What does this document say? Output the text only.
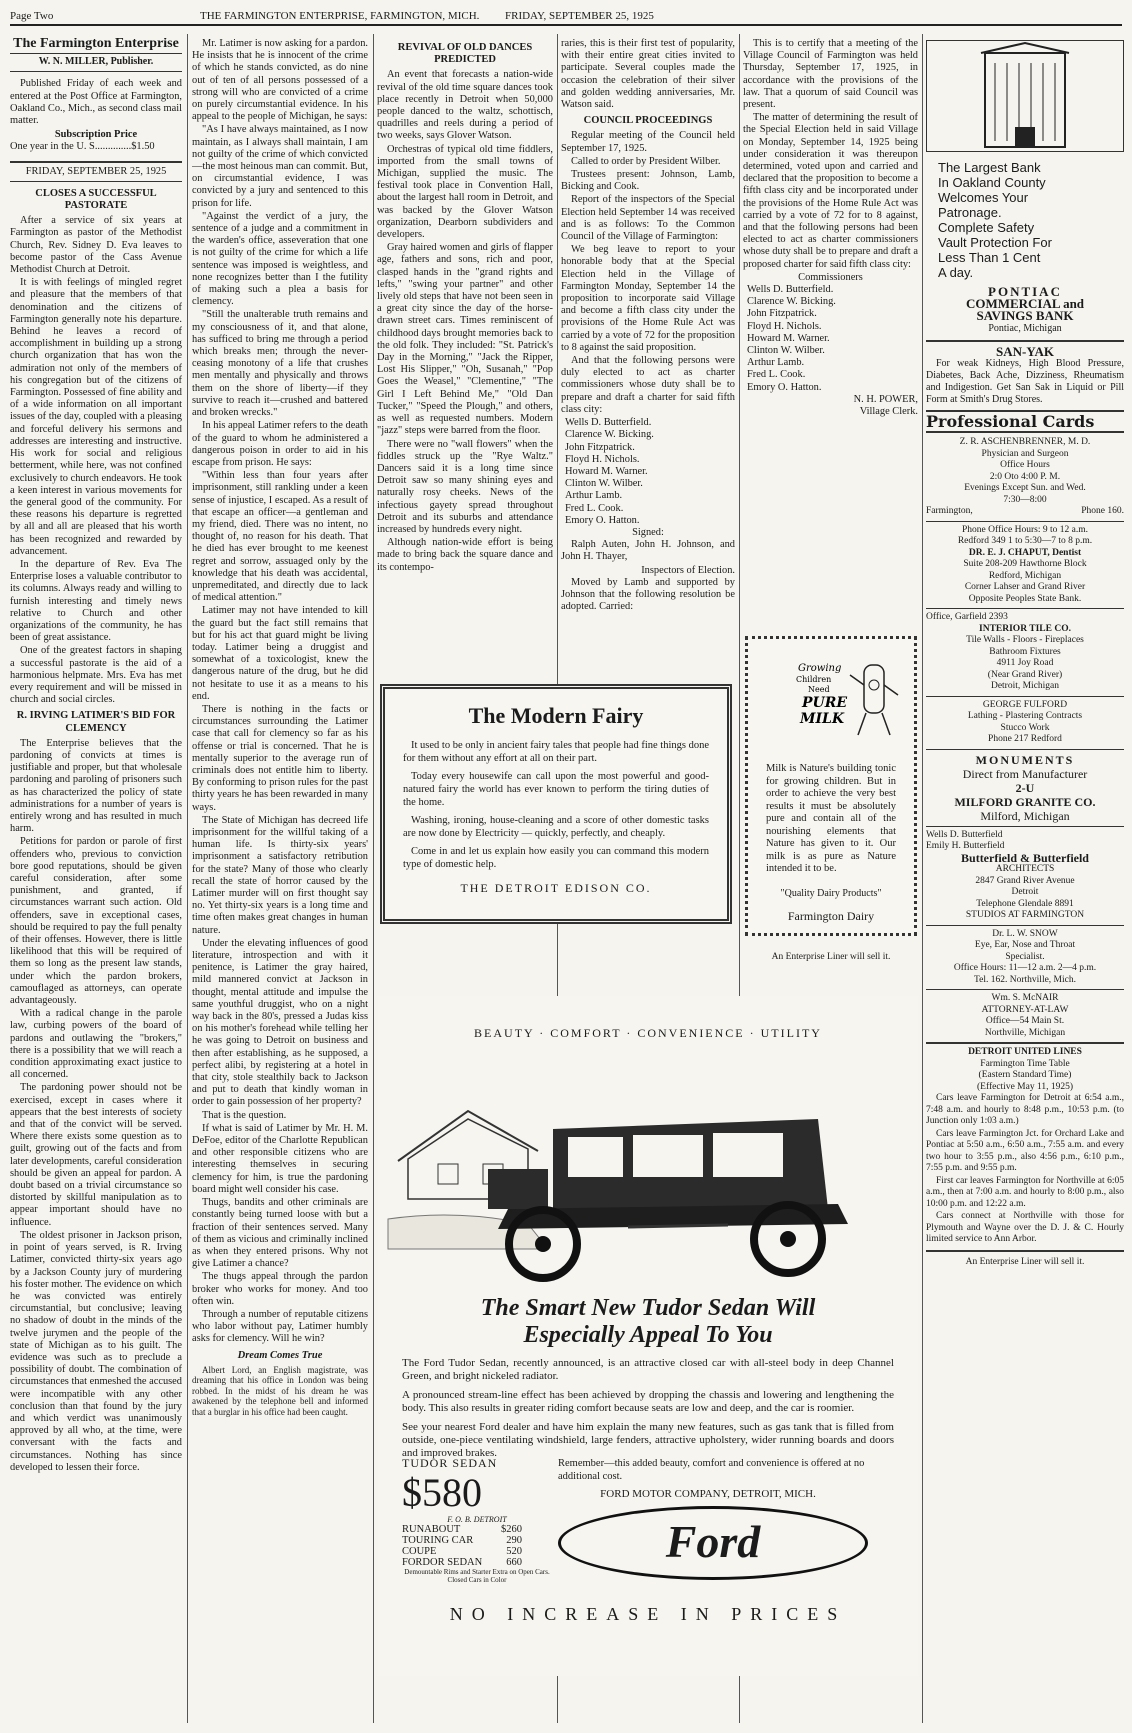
Page Two	THE FARMINGTON ENTERPRISE, FARMINGTON, MICH. FRIDAY, SEPTEMBER 25, 1925
The Farmington Enterprise
W. N. MILLER, Publisher.

Published Friday of each week and entered at the Post Office at Farmington, Oakland Co., Mich., as second class mail matter.

Subscription Price
One year in the U. S..............$1.50
FRIDAY, SEPTEMBER 25, 1925
CLOSES A SUCCESSFUL PASTORATE

After a service of six years at Farmington as pastor of the Methodist Church, Rev. Sidney D. Eva leaves to become pastor of the Cass Avenue Methodist Church at Detroit.

It is with feelings of mingled regret and pleasure that the members of that denomination and the citizens of Farmington generally note his departure. Behind he leaves a record of accomplishment in building up a strong church organization that has won the admiration not only of the members of his congregation but of the citizens of Farmington. Possessed of fine ability and of a wide information on all important issues of the day, coupled with a pleasing and forceful delivery his sermons and addresses are interesting and instructive. His work for social and religious betterment, while here, was not confined exclusively to church endeavors. He took a keen interest in various movements for the general good of the community. For these reasons his departure is regretted by all and all are pleased that his worth has been recognized and rewarded by advancement.

In the departure of Rev. Eva The Enterprise loses a valuable contributor to its columns. Always ready and willing to furnish interesting and timely news relative to Church and other organizations of the community, he has been of great assistance.

One of the greatest factors in shaping a successful pastorate is the aid of a harmonious helpmate. Mrs. Eva has met every requirement and will be missed in church and social circles.

R. IRVING LATIMER'S BID FOR CLEMENCY

The Enterprise believes that the pardoning of convicts at times is justifiable and proper, but that wholesale pardoning and paroling of prisoners such as has characterized the policy of state administrations for a number of years is entirely wrong and has resulted in much harm.

Petitions for pardon or parole of first offenders who, previous to conviction bore good reputations, should be given careful consideration, after some punishment, and granted, if circumstances warrant such action. Old offenders, save in exceptional cases, should be required to pay the full penalty of their offenses. However, there is little likelihood that this will be required of them so long as the present law stands, under which the pardon brokers, camouflaged as attorneys, can operate advantageously.

With a radical change in the parole law, curbing powers of the board of pardons and outlawing the "brokers," there is a possibility that we will reach a condition approximating exact justice to all concerned.

The pardoning power should not be exercised, except in cases where it appears that the best interests of society and that of the convict will be served. Where there exists some question as to guilt, growing out of the facts and from later developments, careful consideration should be given an appeal for pardon. A doubt based on a trivial circumstance so distorted by skillful manipulation as to appear important should have no influence.

The oldest prisoner in Jackson prison, in point of years served, is R. Irving Latimer, convicted thirty-six years ago by a Jackson County jury of murdering his foster mother. The evidence on which he was convicted was entirely circumstantial, but conclusive; leaving no shadow of doubt in the minds of the twelve jurymen and the people of the state of Michigan as to his guilt. The evidence was such as to preclude a possibility of doubt. The combination of circumstances that enmeshed the accused were incompatible with any other conclusion than that found by the jury and which verdict was unanimously approved by all who, at the time, were conversant with the facts and circumstances. Nothing has since developed to lessen their force.

Mr. Latimer is now asking for a pardon. He insists that he is innocent of the crime of which he stands convicted, as do nine out of ten of all persons possessed of a strong will who are convicted of a crime on purely circumstantial evidence. In his appeal to the people of Michigan, he says:

"As I have always maintained, as I now maintain, as I always shall maintain, I am not guilty of the crime of which convicted—the most heinous man can commit. But, on circumstantial evidence, I was convicted by a jury and sentenced to this prison for life.

"Against the verdict of a jury, the sentence of a judge and a commitment in the warden's office, asseveration that one is not guilty of the crime for which a life sentence was imposed is weightless, and none recognizes better than I the futility of making such a plea a basis for clemency.

"Still the unalterable truth remains and my consciousness of it, and that alone, has sufficed to bring me through a period which breaks men; through the never-ceasing monotony of a life that crushes men mentally and physically and throws them on the shore of liberty—if they survive to reach it—crushed and battered and broken wrecks."

In his appeal Latimer refers to the death of the guard to whom he administered a dangerous poison in order to aid in his escape from prison. He says:

"Within less than four years after imprisonment, still rankling under a keen sense of injustice, I escaped. As a result of that escape an officer—a gentleman and my friend, died. There was no intent, no thought of, no reason for his death. That he died has ever brought to me keenest regret and sorrow, assuaged only by the knowledge that his death was accidental, unpremeditated, and directly due to lack of medical attention."

Latimer may not have intended to kill the guard but the fact still remains that but for his act that guard might be living today. Latimer being a druggist and somewhat of a toxicologist, knew the dangerous nature of the drug, but he did not hesitate to use it as a means to his end.

There is nothing in the facts or circumstances surrounding the Latimer case that call for clemency so far as his offense or trial is concerned. That he is mentally superior to the average run of criminals does not entitle him to liberty. By conforming to prison rules for the past thirty years he has been rewarded in many ways.

The State of Michigan has decreed life imprisonment for the willful taking of a human life. Is thirty-six years' imprisonment a satisfactory retribution for the state? Many of those who clearly recall the state of horror caused by the Latimer murder will on first thought say no. Yet thirty-six years is a long time and time often makes great changes in human nature.

Under the elevating influences of good literature, introspection and with it penitence, is Latimer the gray haired, mild mannered convict at Jackson in thought, mental attitude and impulse the same youthful druggist, who on a night way back in the 80's, pressed a Judas kiss on his mother's forehead while telling her he was going to Detroit on business and then after establishing, as he supposed, a perfect alibi, by registering at a hotel in that city, stole stealthily back to Jackson and put to death that kindly woman in order to gain possession of her property?

That is the question.

If what is said of Latimer by Mr. H. M. DeFoe, editor of the Charlotte Republican and other responsible citizens who are interesting themselves in securing clemency for him, is true the pardoning board might well consider his case.

Thugs, bandits and other criminals are constantly being turned loose with but a fraction of their sentences served. Many of them as vicious and criminally inclined as when they entered prisons. Why not give Latimer a chance?

The thugs appeal through the pardon broker who works for money. And too often win.

Through a number of reputable citizens who labor without pay, Latimer humbly asks for clemency. Will he win?

Dream Comes True

Albert Lord, an English magistrate, was dreaming that his office in London was being robbed. In the midst of his dream he was awakened by the telephone bell and informed that a burglar in his office had been caught.

REVIVAL OF OLD DANCES PREDICTED

An event that forecasts a nation-wide revival of the old time square dances took place recently in Detroit when 50,000 people danced to the waltz, schottisch, quadrilles and reels during a period of two weeks, says Glover Watson.

Orchestras of typical old time fiddlers, imported from the small towns of Michigan, supplied the music. The festival took place in Convention Hall, about the largest hall room in Detroit, and was backed by the Glover Watson organization, Dearborn subdividers and developers.

Gray haired women and girls of flapper age, fathers and sons, rich and poor, clasped hands in the "grand rights and lefts," "swing your partner" and other lively old steps that have not been seen in a great city since the day of the horse-drawn street cars. Times reminiscent of childhood days brought memories back to the old folk. They included: "St. Patrick's Day in the Morning," "Jack the Ripper, Lost His Slipper," "Oh, Susanah," "Pop Goes the Weasel," "Clementine," "The Girl I Left Behind Me," "Old Dan Tucker," "Speed the Plough," and others, as well as requested numbers. Modern "jazz" steps were barred from the floor.

There were no "wall flowers" when the fiddles struck up the "Rye Waltz." Dancers said it is a long time since Detroit saw so many shining eyes and naturally rosy cheeks. News of the infectious gayety spread throughout Detroit and its suburbs and attendance increased by hundreds every night.

Although nation-wide effort is being made to bring back the square dance and its contempo-

raries, this is their first test of popularity, with their entire great cities invited to participate. Several couples made the occasion the celebration of their silver and golden wedding anniversaries, Mr. Watson said.

COUNCIL PROCEEDINGS

Regular meeting of the Council held September 17, 1925.

Called to order by President Wilber.

Trustees present: Johnson, Lamb, Bicking and Cook.

Report of the inspectors of the Special Election held September 14 was received and is as follows: To the Common Council of the Village of Farmington:

We beg leave to report to your honorable body that at the Special Election held in the Village of Farmington Monday, September 14 the proposition to incorporate said Village and become a fifth class city under the provisions of the Home Rule Act was carried by a vote of 72 for the proposition to 8 against the said proposition.

And that the following persons were duly elected to act as charter commissioners whose duty shall be to prepare and draft a charter for said fifth class city:

Wells D. Butterfield.
Clarence W. Bicking.
John Fitzpatrick.
Floyd H. Nichols.
Howard M. Warner.
Clinton W. Wilber.
Arthur Lamb.
Fred L. Cook.
Emory O. Hatton.
Signed:

Ralph Auten, John H. Johnson, and John H. Thayer,

Inspectors of Election.

Moved by Lamb and supported by Johnson that the following resolution be adopted. Carried:

This is to certify that a meeting of the Village Council of Farmington was held Thursday, September 17, 1925, in accordance with the provisions of the law. That a quorum of said Council was present.

The matter of determining the result of the Special Election held in said Village on Monday, September 14, 1925 being under consideration it was thereupon determined, voted upon and carried and declared that the proposition to become a fifth class city and be incorporated under the provisions of the Home Rule Act was carried by a vote of 72 for to 8 against, and that the following persons had been elected to act as charter commissioners whose duty shall be to prepare and draft a proposed charter for said fifth class city:

Commissioners
Wells D. Butterfield.
Clarence W. Bicking.
John Fitzpatrick.
Floyd H. Nichols.
Howard M. Warner.
Clinton W. Wilber.
Arthur Lamb.
Fred L. Cook.
Emory O. Hatton.
N. H. POWER,
Village Clerk.
The Modern Fairy

It used to be only in ancient fairy tales that people had fine things done for them without any effort at all on their part.

Today every housewife can call upon the most powerful and good-natured fairy the world has ever known to perform the tiring duties of the home.

Washing, ironing, house-cleaning and a score of other domestic tasks are now done by Electricity — quickly, perfectly, and cheaply.

Come in and let us explain how easily you can command this modern type of domestic help.

THE DETROIT EDISON CO.
Growing
Children
Need
PURE
MILK

Milk is Nature's building tonic for growing children. But in order to achieve the very best results it must be absolutely pure and contain all of the nourishing elements that Nature has given to it. Our milk is as pure as Nature intended it to be.

"Quality Dairy Products"
Farmington Dairy
An Enterprise Liner will sell it.
BEAUTY · COMFORT · CONVENIENCE · UTILITY
The Smart New Tudor Sedan Will
Especially Appeal To You

The Ford Tudor Sedan, recently announced, is an attractive closed car with all-steel body in deep Channel Green, and bright nickeled radiator.

A pronounced stream-line effect has been achieved by dropping the chassis and lowering and lengthening the body. This also results in greater riding comfort because seats are low and deep, and the car is roomier.

See your nearest Ford dealer and have him explain the many new features, such as gas tank that is filled from outside, one-piece ventilating windshield, large fenders, attractive upholstery, wider running boards and doors and improved brakes.

TUDOR SEDAN
$580
F. O. B. DETROIT
RUNABOUT	$260
TOURING CAR	290
COUPE	520
FORDOR SEDAN	660
Demountable Rims and Starter Extra on Open Cars. Closed Cars in Color
Remember—this added beauty, comfort and convenience is offered at no additional cost.
FORD MOTOR COMPANY, DETROIT, MICH.
Ford
NO INCREASE IN PRICES
The Largest Bank
In Oakland County
Welcomes Your
Patronage.
Complete Safety
Vault Protection For
Less Than 1 Cent
A day.
PONTIAC
COMMERCIAL and
SAVINGS BANK
Pontiac, Michigan
SAN-YAK

For weak Kidneys, High Blood Pressure, Diabetes, Back Ache, Dizziness, Rheumatism and Indigestion. Get San Sak in Liquid or Pill Form at Smith's Drug Stores.

Professional Cards
Z. R. ASCHENBRENNER, M. D.
Physician and Surgeon
Office Hours
2:0 Oto 4:00 P. M.
Evenings Except Sun. and Wed.
7:30—8:00
Farmington,	Phone 160.
Phone Office Hours: 9 to 12 a.m.
Redford 349 1 to 5:30—7 to 8 p.m.
DR. E. J. CHAPUT, Dentist
Suite 208-209 Hawthorne Block
Redford, Michigan
Corner Lahser and Grand River
Opposite Peoples State Bank.
Office, Garfield 2393
INTERIOR TILE CO.
Tile Walls - Floors - Fireplaces
Bathroom Fixtures
4911 Joy Road
(Near Grand River)
Detroit, Michigan
GEORGE FULFORD
Lathing - Plastering Contracts
Stucco Work
Phone 217 Redford
MONUMENTS
Direct from Manufacturer
2-U
MILFORD GRANITE CO.
Milford, Michigan
Wells D. Butterfield
Emily H. Butterfield
Butterfield & Butterfield
ARCHITECTS
2847 Grand River Avenue
Detroit
Telephone Glendale 8891
STUDIOS AT FARMINGTON
Dr. L. W. SNOW
Eye, Ear, Nose and Throat
Specialist.
Office Hours: 11—12 a.m. 2—4 p.m.
Tel. 162. Northville, Mich.
Wm. S. McNAIR
ATTORNEY-AT-LAW
Office—54 Main St.
Northville, Michigan
DETROIT UNITED LINES
Farmington Time Table
(Eastern Standard Time)
(Effective May 11, 1925)

Cars leave Farmington for Detroit at 6:54 a.m., 7:48 a.m. and hourly to 8:48 p.m., 10:53 p.m. (to Junction only 1:03 a.m.)

Cars leave Farmington Jct. for Orchard Lake and Pontiac at 5:50 a.m., 6:50 a.m., 7:55 a.m. and every two hour to 3:55 p.m., also 4:56 p.m., 6:10 p.m., 7:55 p.m. and 9:55 p.m.

First car leaves Farmington for Northville at 6:05 a.m., then at 7:00 a.m. and hourly to 8:00 p.m., also 10:00 p.m. and 12:22 a.m.

Cars connect at Northville with those for Plymouth and Wayne over the D. J. & C. Hourly limited service to Ann Arbor.

An Enterprise Liner will sell it.
